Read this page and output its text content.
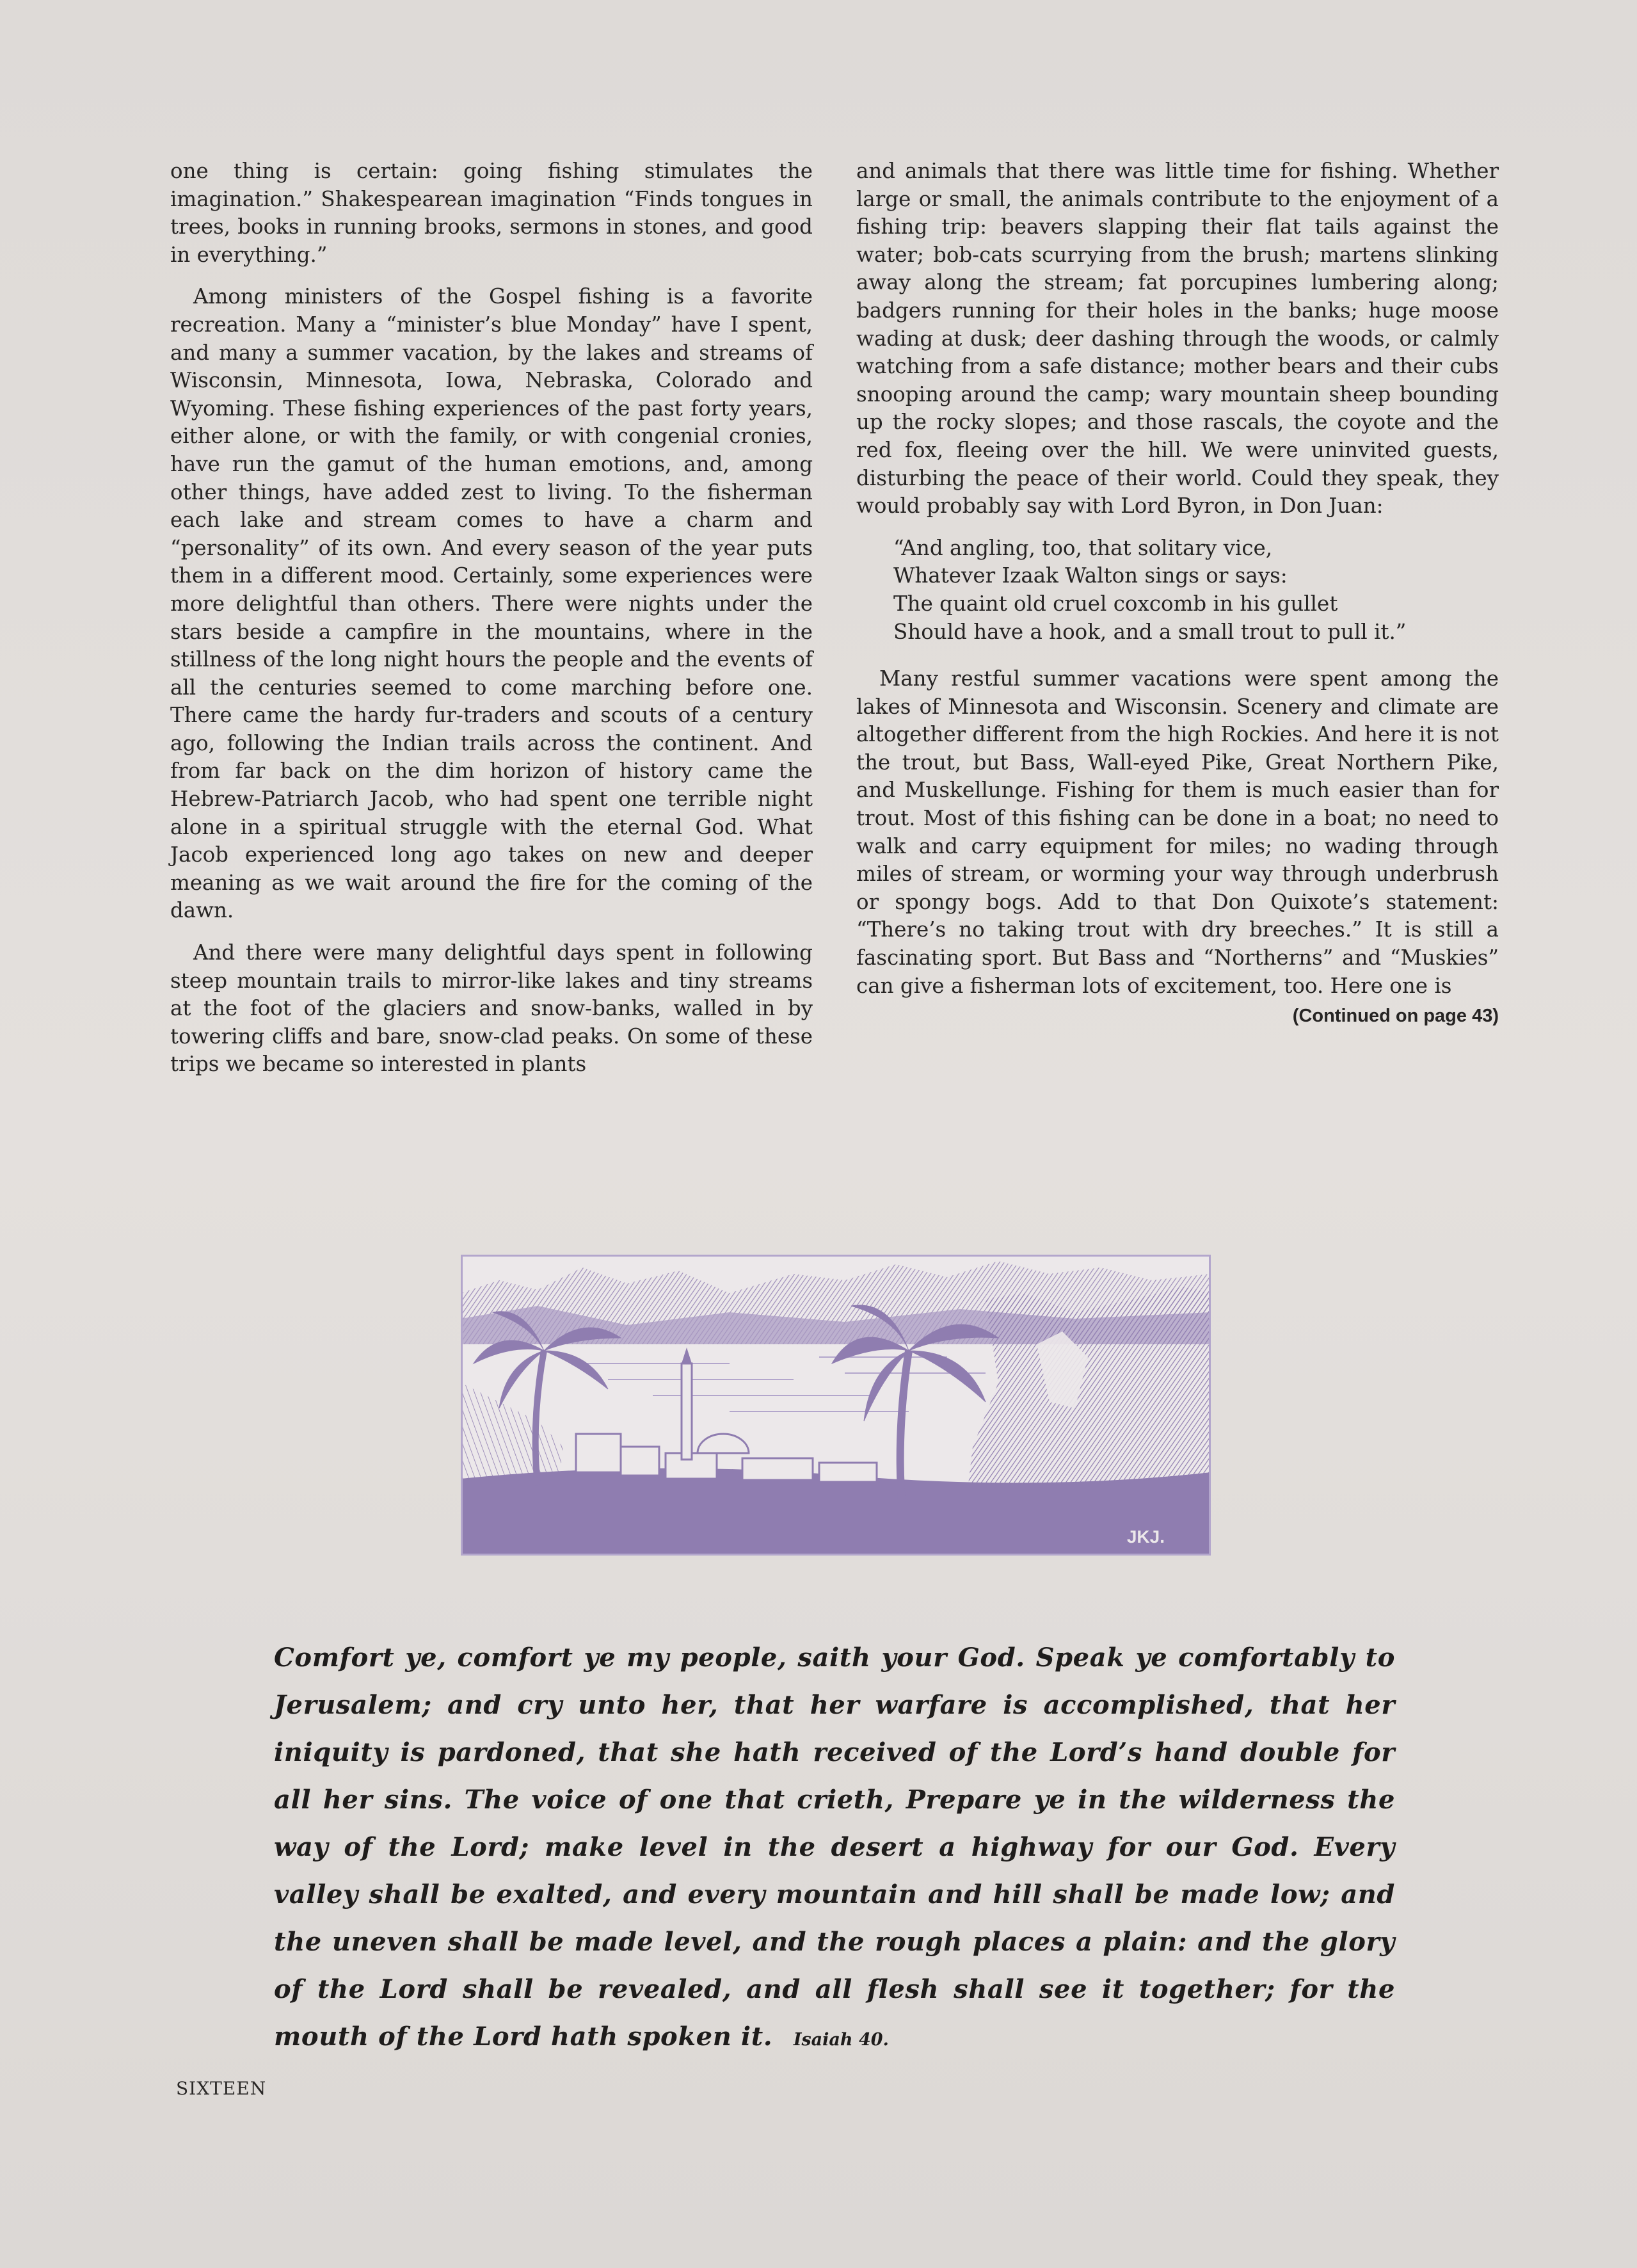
one thing is certain: going fishing stimulates the imagination.” Shakespearean imagination “Finds tongues in trees, books in running brooks, sermons in stones, and good in everything.”

Among ministers of the Gospel fishing is a favorite recreation. Many a “minister’s blue Monday” have I spent, and many a summer vacation, by the lakes and streams of Wisconsin, Minnesota, Iowa, Nebraska, Colorado and Wyoming. These fishing experiences of the past forty years, either alone, or with the family, or with congenial cronies, have run the gamut of the human emotions, and, among other things, have added zest to living. To the fisherman each lake and stream comes to have a charm and “personality” of its own. And every season of the year puts them in a different mood. Certainly, some experiences were more delightful than others. There were nights under the stars beside a campfire in the mountains, where in the stillness of the long night hours the people and the events of all the centuries seemed to come marching before one. There came the hardy fur-traders and scouts of a century ago, following the Indian trails across the continent. And from far back on the dim horizon of history came the Hebrew-Patriarch Jacob, who had spent one terrible night alone in a spiritual struggle with the eternal God. What Jacob experienced long ago takes on new and deeper meaning as we wait around the fire for the coming of the dawn.

And there were many delightful days spent in following steep mountain trails to mirror-like lakes and tiny streams at the foot of the glaciers and snow-banks, walled in by towering cliffs and bare, snow-clad peaks. On some of these trips we became so interested in plants

and animals that there was little time for fishing. Whether large or small, the animals contribute to the enjoyment of a fishing trip: beavers slapping their flat tails against the water; bob-cats scurrying from the brush; martens slinking away along the stream; fat porcupines lumbering along; badgers running for their holes in the banks; huge moose wading at dusk; deer dashing through the woods, or calmly watching from a safe distance; mother bears and their cubs snooping around the camp; wary mountain sheep bounding up the rocky slopes; and those rascals, the coyote and the red fox, fleeing over the hill. We were uninvited guests, disturbing the peace of their world. Could they speak, they would probably say with Lord Byron, in Don Juan:

“And angling, too, that solitary vice,
Whatever Izaak Walton sings or says:
The quaint old cruel coxcomb in his gullet
Should have a hook, and a small trout to pull it.”

Many restful summer vacations were spent among the lakes of Minnesota and Wisconsin. Scenery and climate are altogether different from the high Rockies. And here it is not the trout, but Bass, Wall-eyed Pike, Great Northern Pike, and Muskellunge. Fishing for them is much easier than for trout. Most of this fishing can be done in a boat; no need to walk and carry equipment for miles; no wading through miles of stream, or worming your way through underbrush or spongy bogs. Add to that Don Quixote’s statement: “There’s no taking trout with dry breeches.” It is still a fascinating sport. But Bass and “Northerns” and “Muskies” can give a fisherman lots of excitement, too. Here one is

(Continued on page 43)
JKJ.
Comfort ye, comfort ye my people, saith your God. Speak ye comfortably to Jerusalem; and cry unto her, that her warfare is accomplished, that her iniquity is pardoned, that she hath received of the Lord’s hand double for all her sins. The voice of one that crieth, Prepare ye in the wilderness the way of the Lord; make level in the desert a highway for our God. Every valley shall be exalted, and every mountain and hill shall be made low; and the uneven shall be made level, and the rough places a plain: and the glory of the Lord shall be revealed, and all flesh shall see it together; for the mouth of the Lord hath spoken it. Isaiah 40.
SIXTEEN
